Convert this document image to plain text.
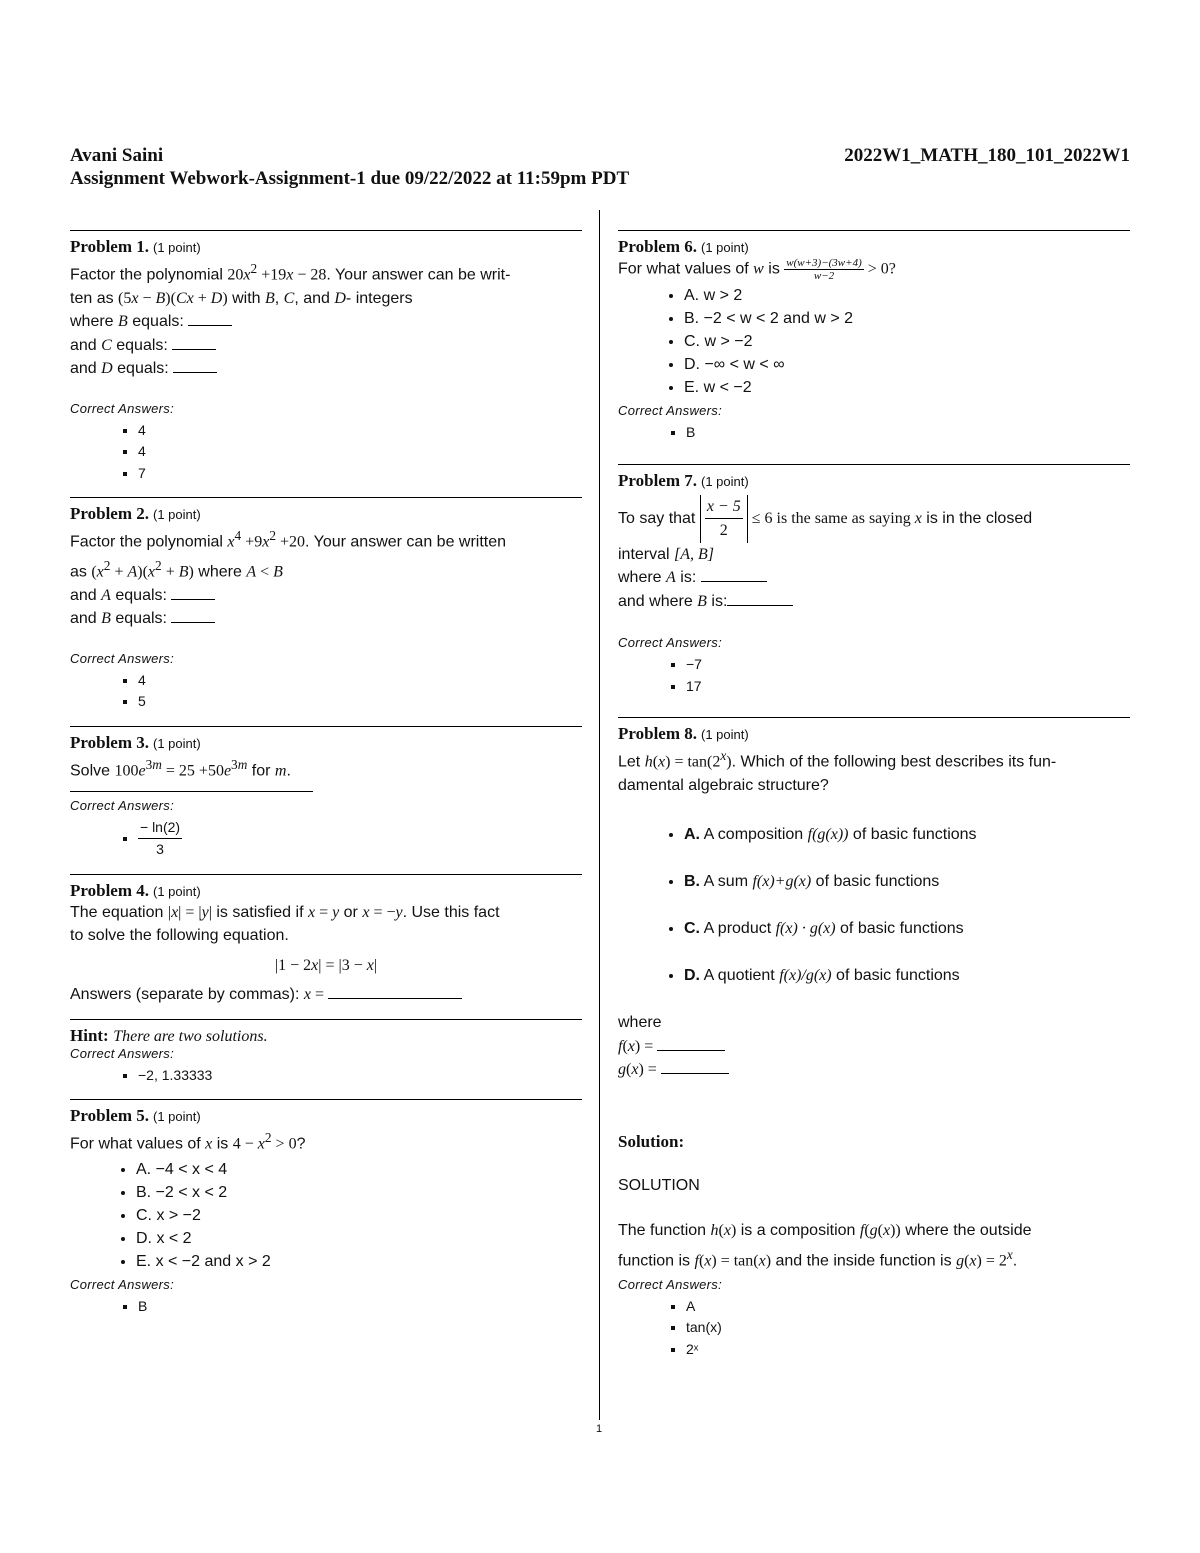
Avani Saini	2022W1_MATH_180_101_2022W1
Assignment Webwork-Assignment-1 due 09/22/2022 at 11:59pm PDT
Problem 1. (1 point)

Factor the polynomial $20x^2 +19x - 28$. Your answer can be writ-

ten as (5x − B)(Cx + D) with B, C, and D- integers

where B equals:

and C equals:

and D equals:

Correct Answers:
▪ 4
▪ 4
▪ 7
Problem 2. (1 point)

Factor the polynomial $x^4 +9x^2 +20$. Your answer can be written

as $(x^2 + A)(x^2 + B)$ where A < B

and A equals:

and B equals:

Correct Answers:
▪ 4
▪ 5
Problem 3. (1 point)

Solve $100e^{3m} = 25 +50e^{3m}$ for m.

Correct Answers:
▪ $\frac{- \ln(2)}{3}$
Problem 4. (1 point)

The equation |x| = |y| is satisfied if x = y or x = −y. Use this fact

to solve the following equation.

|1 − 2x| = |3 − x|

Answers (separate by commas): x =

Hint: There are two solutions.
Correct Answers:
▪ −2, 1.33333
Problem 5. (1 point)

For what values of x is $4 - x^2 > 0$?

• A. −4 < x < 4
• B. −2 < x < 2
• C. x > −2
• D. x < 2
• E. x < −2 and x > 2
Correct Answers:
▪ B
Problem 6. (1 point)

For what values of w is $\frac{w(w+3)-(3w+4)}{w-2} > 0$?

• A. w > 2
• B. −2 < w < 2 and w > 2
• C. w > −2
• D. −∞ < w < ∞
• E. w < −2
Correct Answers:
▪ B
Problem 7. (1 point)

To say that $\frac{x - 5}{2} \le 6$ is the same as saying x is in the closed

interval [A, B]

where A is:

and where B is:

Correct Answers:
▪ −7
▪ 17
Problem 8. (1 point)

Let $h(x) = \tan(2^x)$. Which of the following best describes its fun-

damental algebraic structure?

• A. A composition f(g(x)) of basic functions
• B. A sum f(x)+g(x) of basic functions
• C. A product f(x) · g(x) of basic functions
• D. A quotient f(x)/g(x) of basic functions

where

f(x) =

g(x) =

Solution:

SOLUTION

The function h(x) is a composition f(g(x)) where the outside

function is f(x) = tan(x) and the inside function is $g(x) = 2^x$.

Correct Answers:
▪ A
▪ tan(x)
▪ 2ˣ
1
